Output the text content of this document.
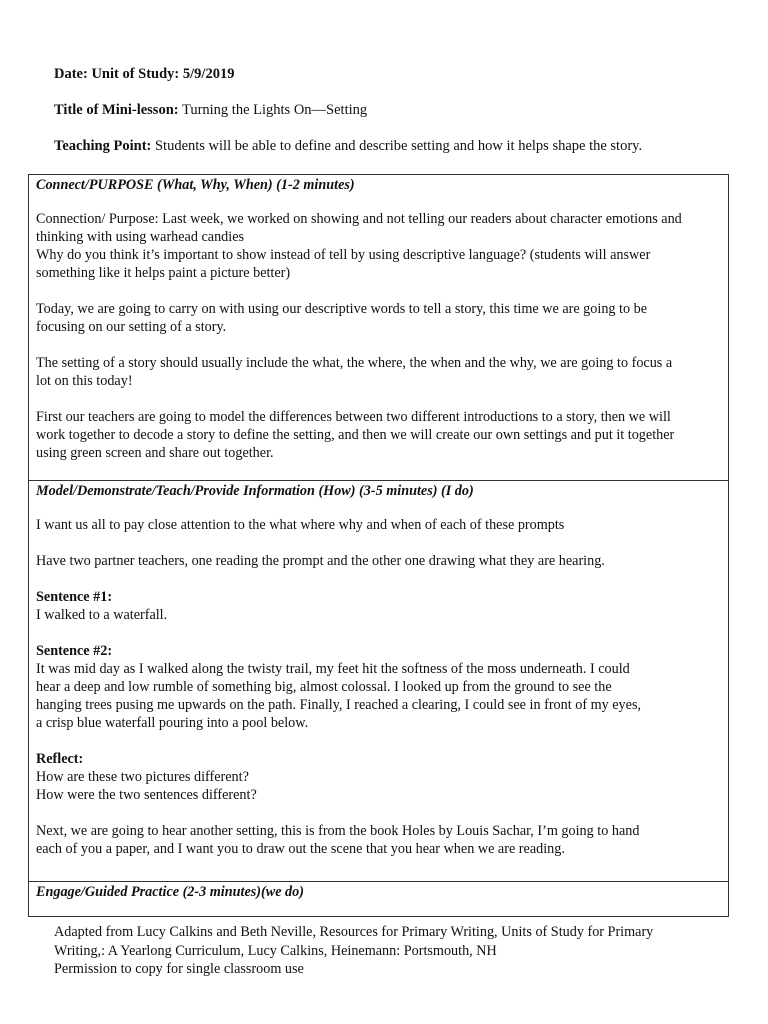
Date: Unit of Study: 5/9/2019
Title of Mini-lesson: Turning the Lights On—Setting
Teaching Point: Students will be able to define and describe setting and how it helps shape the story.
Connect/PURPOSE (What, Why, When) (1-2 minutes)
Connection/ Purpose: Last week, we worked on showing and not telling our readers about character emotions and
thinking with using warhead candies
Why do you think it’s important to show instead of tell by using descriptive language? (students will answer
something like it helps paint a picture better)
Today, we are going to carry on with using our descriptive words to tell a story, this time we are going to be
focusing on our setting of a story.
The setting of a story should usually include the what, the where, the when and the why, we are going to focus a
lot on this today!
First our teachers are going to model the differences between two different introductions to a story, then we will
work together to decode a story to define the setting, and then we will create our own settings and put it together
using green screen and share out together.
Model/Demonstrate/Teach/Provide Information (How) (3-5 minutes) (I do)
I want us all to pay close attention to the what where why and when of each of these prompts
Have two partner teachers, one reading the prompt and the other one drawing what they are hearing.
Sentence #1:
I walked to a waterfall.
Sentence #2:
It was mid day as I walked along the twisty trail, my feet hit the softness of the moss underneath. I could
hear a deep and low rumble of something big, almost colossal. I looked up from the ground to see the
hanging trees pusing me upwards on the path. Finally, I reached a clearing, I could see in front of my eyes,
a crisp blue waterfall pouring into a pool below.
Reflect:
How are these two pictures different?
How were the two sentences different?
Next, we are going to hear another setting, this is from the book Holes by Louis Sachar, I’m going to hand
each of you a paper, and I want you to draw out the scene that you hear when we are reading.
Engage/Guided Practice (2-3 minutes)(we do)
Adapted from Lucy Calkins and Beth Neville, Resources for Primary Writing, Units of Study for Primary
Writing,: A Yearlong Curriculum, Lucy Calkins, Heinemann: Portsmouth, NH
Permission to copy for single classroom use
